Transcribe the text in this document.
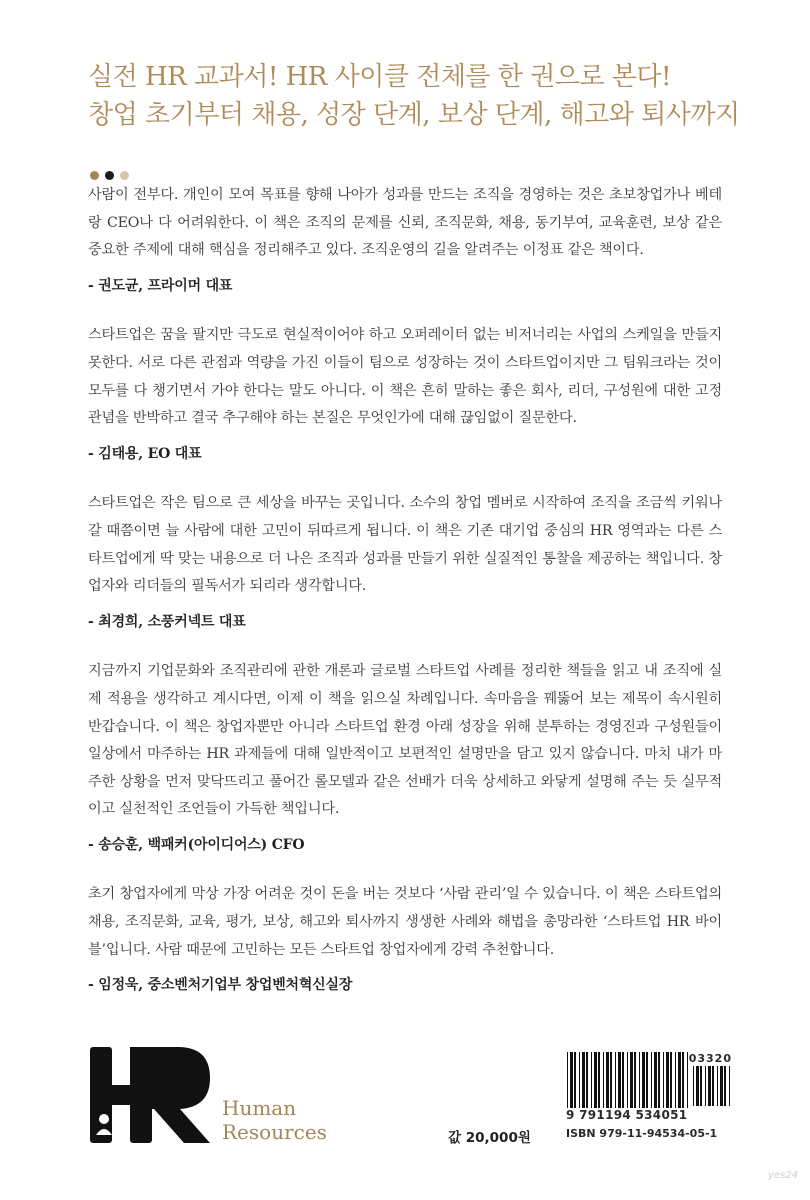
실전 HR 교과서! HR 사이클 전체를 한 권으로 본다!
창업 초기부터 채용, 성장 단계, 보상 단계, 해고와 퇴사까지

사람이 전부다. 개인이 모여 목표를 향해 나아가 성과를 만드는 조직을 경영하는 것은 초보창업가나 베테랑 CEO나 다 어려워한다. 이 책은 조직의 문제를 신뢰, 조직문화, 채용, 동기부여, 교육훈련, 보상 같은 중요한 주제에 대해 핵심을 정리해주고 있다. 조직운영의 길을 알려주는 이정표 같은 책이다.

- 권도균, 프라이머 대표

스타트업은 꿈을 팔지만 극도로 현실적이어야 하고 오퍼레이터 없는 비저너리는 사업의 스케일을 만들지 못한다. 서로 다른 관점과 역량을 가진 이들이 팀으로 성장하는 것이 스타트업이지만 그 팀워크라는 것이 모두를 다 챙기면서 가야 한다는 말도 아니다. 이 책은 흔히 말하는 좋은 회사, 리더, 구성원에 대한 고정관념을 반박하고 결국 추구해야 하는 본질은 무엇인가에 대해 끊임없이 질문한다.

- 김태용, EO 대표

스타트업은 작은 팀으로 큰 세상을 바꾸는 곳입니다. 소수의 창업 멤버로 시작하여 조직을 조금씩 키워나갈 때쯤이면 늘 사람에 대한 고민이 뒤따르게 됩니다. 이 책은 기존 대기업 중심의 HR 영역과는 다른 스타트업에게 딱 맞는 내용으로 더 나은 조직과 성과를 만들기 위한 실질적인 통찰을 제공하는 책입니다. 창업자와 리더들의 필독서가 되리라 생각합니다.

- 최경희, 소풍커넥트 대표

지금까지 기업문화와 조직관리에 관한 개론과 글로벌 스타트업 사례를 정리한 책들을 읽고 내 조직에 실제 적용을 생각하고 계시다면, 이제 이 책을 읽으실 차례입니다. 속마음을 꿰뚫어 보는 제목이 속시원히 반갑습니다. 이 책은 창업자뿐만 아니라 스타트업 환경 아래 성장을 위해 분투하는 경영진과 구성원들이 일상에서 마주하는 HR 과제들에 대해 일반적이고 보편적인 설명만을 담고 있지 않습니다. 마치 내가 마주한 상황을 먼저 맞닥뜨리고 풀어간 롤모델과 같은 선배가 더욱 상세하고 와닿게 설명해 주는 듯 실무적이고 실천적인 조언들이 가득한 책입니다.

- 송승훈, 백패커(아이디어스) CFO

초기 창업자에게 막상 가장 어려운 것이 돈을 버는 것보다 ‘사람 관리’일 수 있습니다. 이 책은 스타트업의 채용, 조직문화, 교육, 평가, 보상, 해고와 퇴사까지 생생한 사례와 해법을 총망라한 ‘스타트업 HR 바이블’입니다. 사람 때문에 고민하는 모든 스타트업 창업자에게 강력 추천합니다.

- 임정욱, 중소벤처기업부 창업벤처혁신실장
Human
Resources	값 20,000원
03320
9 791194 534051
ISBN 979-11-94534-05-1
yes24
